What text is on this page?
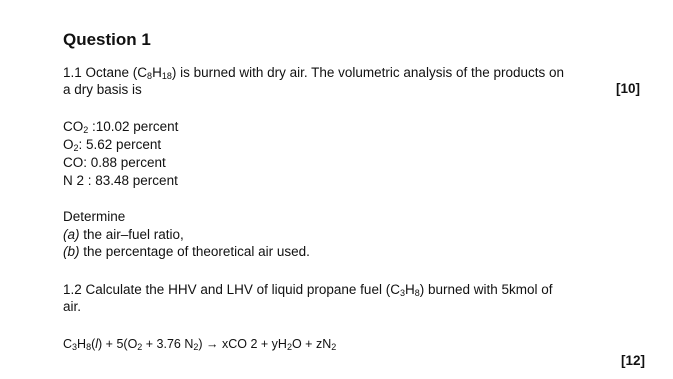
Question 1
1.1 Octane $(C_8H_{18})$ is burned with dry air. The volumetric analysis of the products on
a dry basis is	[10]
$CO_2$ :10.02 percent
$O_2$: 5.62 percent
CO: 0.88 percent
N 2 : 83.48 percent
Determine
(a) the air–fuel ratio,
(b) the percentage of theoretical air used.
1.2 Calculate the HHV and LHV of liquid propane fuel $(C_3H_8)$ burned with 5kmol of
air.
$C_3H_8(l) + 5(O_2 + 3.76$ $N_2$) → xCO $2 + yH_2O + zN_2$
[12]
